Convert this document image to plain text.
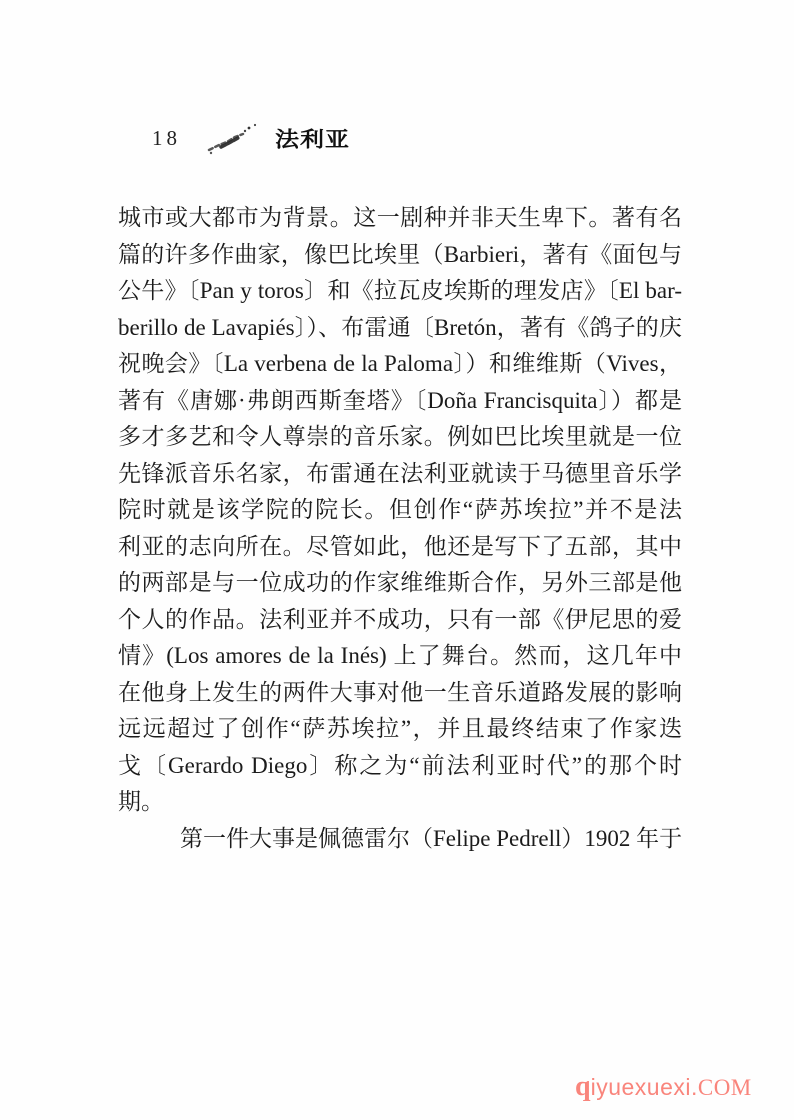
18	法利亚
城市或大都市为背景。这一剧种并非天生卑下。著有名
篇的许多作曲家，像巴比埃里（Barbieri，著有《面包与
公牛》〔Pan y toros〕和《拉瓦皮埃斯的理发店》〔El bar-
berillo de Lavapiés〕）、布雷通〔Bretón，著有《鸽子的庆
祝晚会》〔La verbena de la Paloma〕）和维维斯（Vives，
著有《唐娜·弗朗西斯奎塔》〔Doña Francisquita〕）都是
多才多艺和令人尊崇的音乐家。例如巴比埃里就是一位
先锋派音乐名家，布雷通在法利亚就读于马德里音乐学
院时就是该学院的院长。但创作“萨苏埃拉”并不是法
利亚的志向所在。尽管如此，他还是写下了五部，其中
的两部是与一位成功的作家维维斯合作，另外三部是他
个人的作品。法利亚并不成功，只有一部《伊尼思的爱
情》(Los amores de la Inés) 上了舞台。然而，这几年中
在他身上发生的两件大事对他一生音乐道路发展的影响
远远超过了创作“萨苏埃拉”，并且最终结束了作家迭
戈〔Gerardo Diego〕称之为“前法利亚时代”的那个时
期。
第一件大事是佩德雷尔（Felipe Pedrell）1902 年于
qiyuexuexi.COM
